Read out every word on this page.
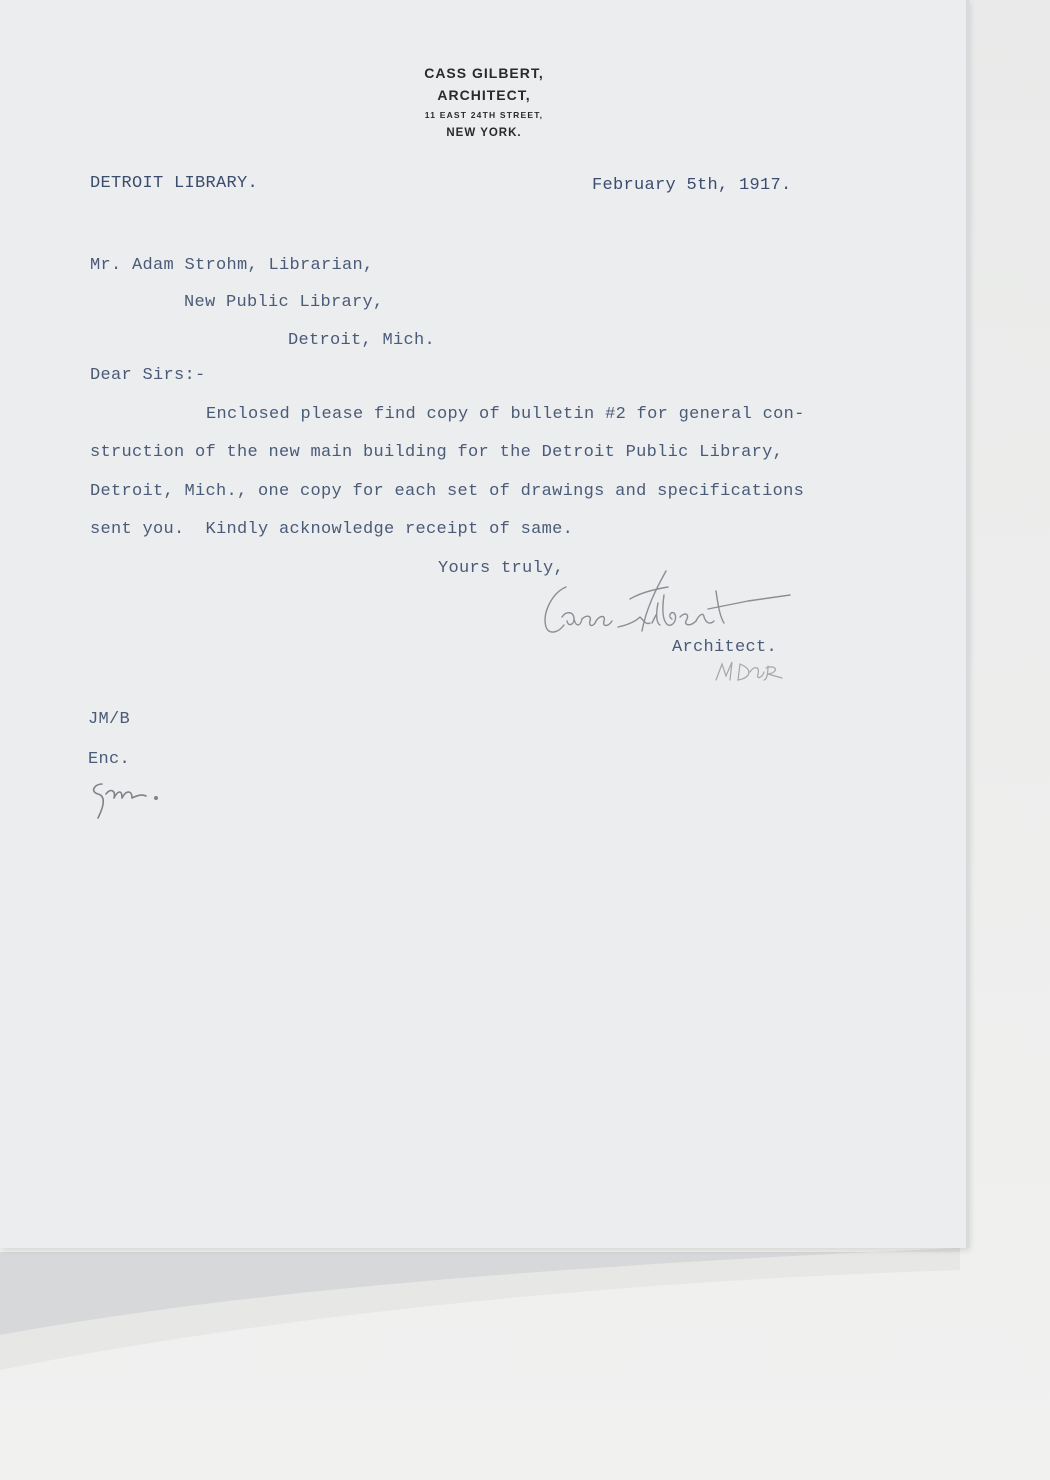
CASS GILBERT,
ARCHITECT,
11 EAST 24TH STREET,
NEW YORK.
DETROIT LIBRARY.	February 5th, 1917.
Mr. Adam Strohm, Librarian,
New Public Library,
Detroit, Mich.
Dear Sirs:-
Enclosed please find copy of bulletin #2 for general con-
struction of the new main building for the Detroit Public Library,
Detroit, Mich., one copy for each set of drawings and specifications
sent you.  Kindly acknowledge receipt of same.
Yours truly,
Architect.
JM/B
Enc.
